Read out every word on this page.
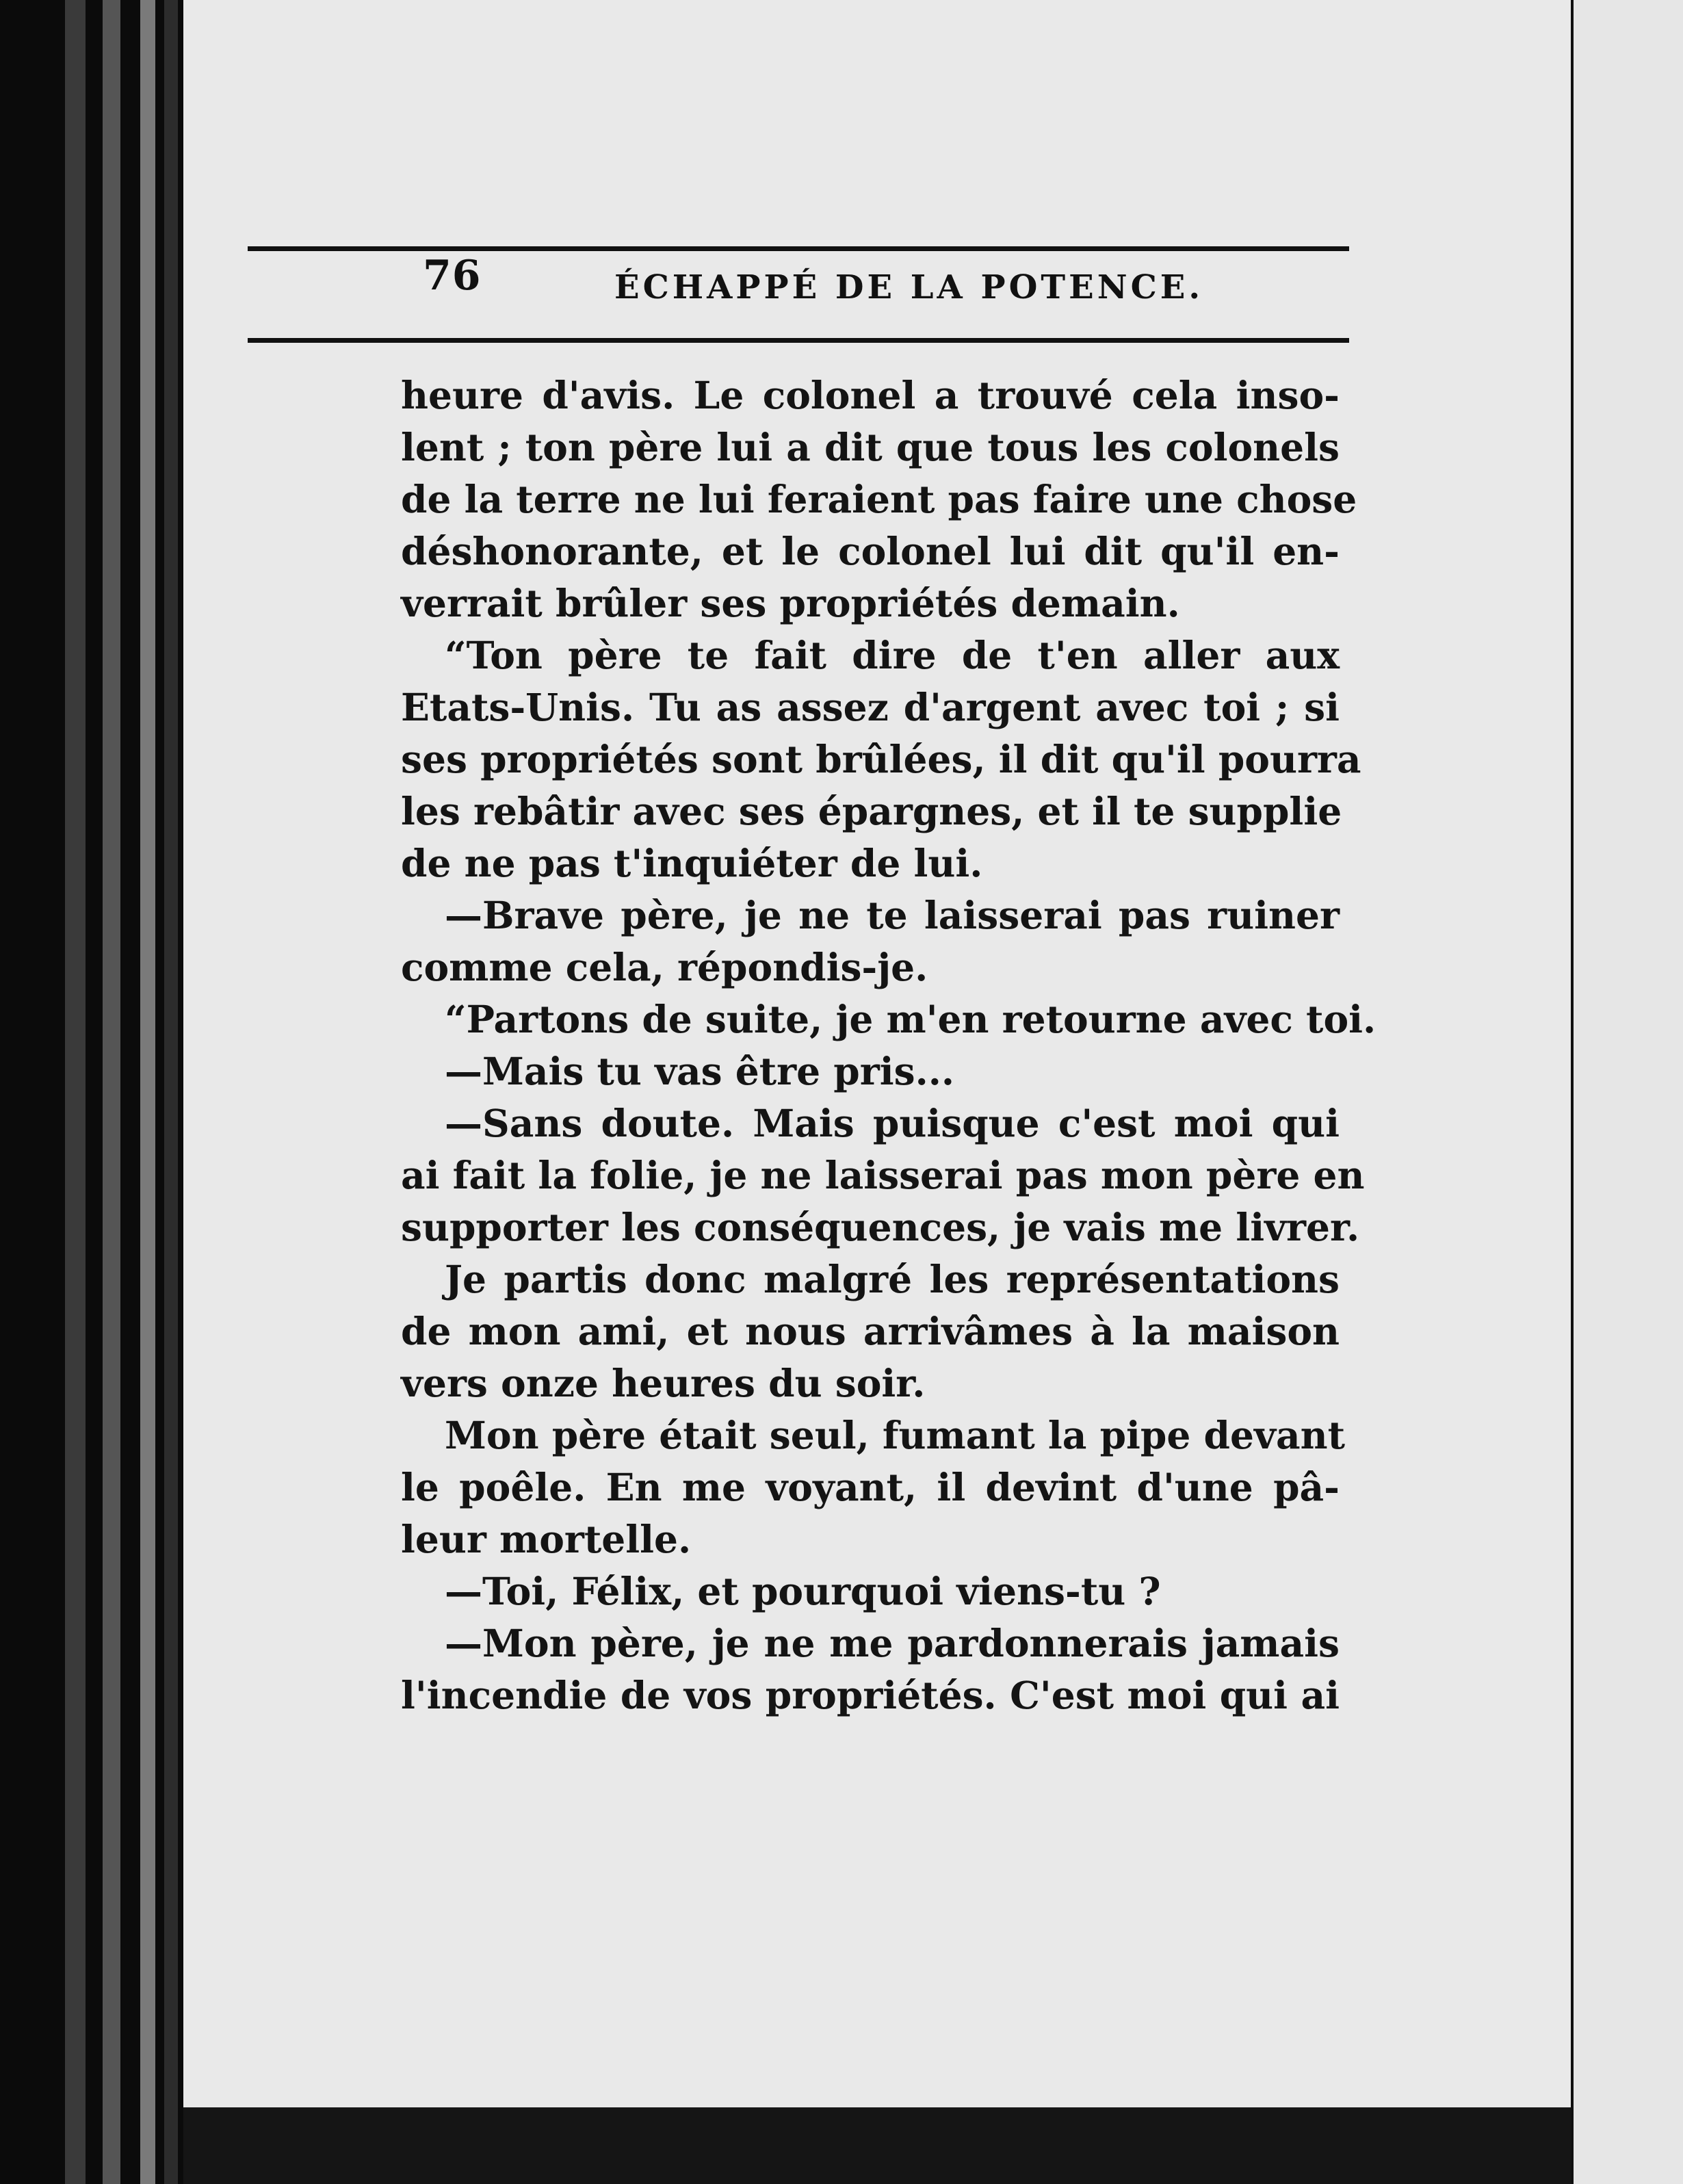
76	ÉCHAPPÉ DE LA POTENCE.
heure d'avis. Le colonel a trouvé cela inso-
lent ; ton père lui a dit que tous les colonels
de la terre ne lui feraient pas faire une chose
déshonorante, et le colonel lui dit qu'il en-
verrait brûler ses propriétés demain.
“Ton père te fait dire de t'en aller aux
Etats-Unis. Tu as assez d'argent avec toi ; si
ses propriétés sont brûlées, il dit qu'il pourra
les rebâtir avec ses épargnes, et il te supplie
de ne pas t'inquiéter de lui.
—Brave père, je ne te laisserai pas ruiner
comme cela, répondis-je.
“Partons de suite, je m'en retourne avec toi.
—Mais tu vas être pris...
—Sans doute. Mais puisque c'est moi qui
ai fait la folie, je ne laisserai pas mon père en
supporter les conséquences, je vais me livrer.
Je partis donc malgré les représentations
de mon ami, et nous arrivâmes à la maison
vers onze heures du soir.
Mon père était seul, fumant la pipe devant
le poêle. En me voyant, il devint d'une pâ-
leur mortelle.
—Toi, Félix, et pourquoi viens-tu ?
—Mon père, je ne me pardonnerais jamais
l'incendie de vos propriétés. C'est moi qui ai
